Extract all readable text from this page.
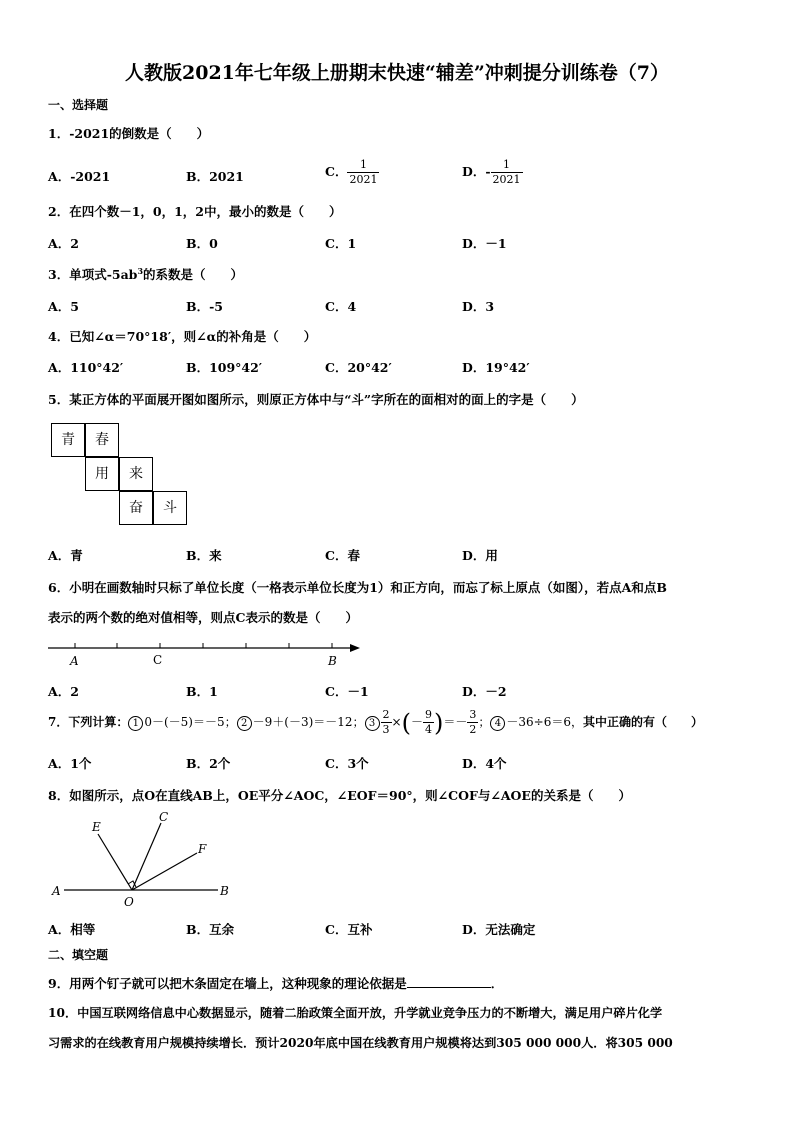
人教版2021年七年级上册期末快速“辅差”冲刺提分训练卷（7）
一、选择题
1．-2021的倒数是（　　）
A．-2021	B．2021	C． $\frac{1}{2021}$	D．- $\frac{1}{2021}$
2．在四个数－1，0，1，2中，最小的数是（　　）
A．2	B．0	C．1	D．－1
3．单项式$-5ab^3$的系数是（　　）
A．5	B．-5	C．4	D．3
4．已知∠α＝70°18′，则∠α的补角是（　　）
A．110°42′	B．109°42′	C．20°42′	D．19°42′
5．某正方体的平面展开图如图所示，则原正方体中与“斗”字所在的面相对的面上的字是（　　）
青	春
用	来
奋	斗
A．青	B．来	C．春	D．用
6．小明在画数轴时只标了单位长度（一格表示单位长度为1）和正方向，而忘了标上原点（如图），若点A和点B
表示的两个数的绝对值相等，则点C表示的数是（　　）
A	C	B
A．2	B．1	C．－1	D．－2
7．下列计算： 1 0－(－5)＝－5； 2 －9＋(－3)＝－12； $3 \frac{2}{3}$ ×(－ $\frac{9}{4}$ )＝－ $\frac{3}{2}$ ； 4 －36÷6＝6，其中正确的有（　　）
A．1个	B．2个	C．3个	D．4个
8．如图所示，点O在直线AB上，OE平分∠AOC，∠EOF＝90°，则∠COF与∠AOE的关系是（　　）
E
C
F
A
O
B
A．相等	B．互余	C．互补	D．无法确定
二、填空题
9．用两个钉子就可以把木条固定在墙上，这种现象的理论依据是	．
10．中国互联网络信息中心数据显示，随着二胎政策全面开放，升学就业竞争压力的不断增大，满足用户碎片化学
习需求的在线教育用户规模持续增长．预计2020年底中国在线教育用户规模将达到305 000 000人．将305 000
